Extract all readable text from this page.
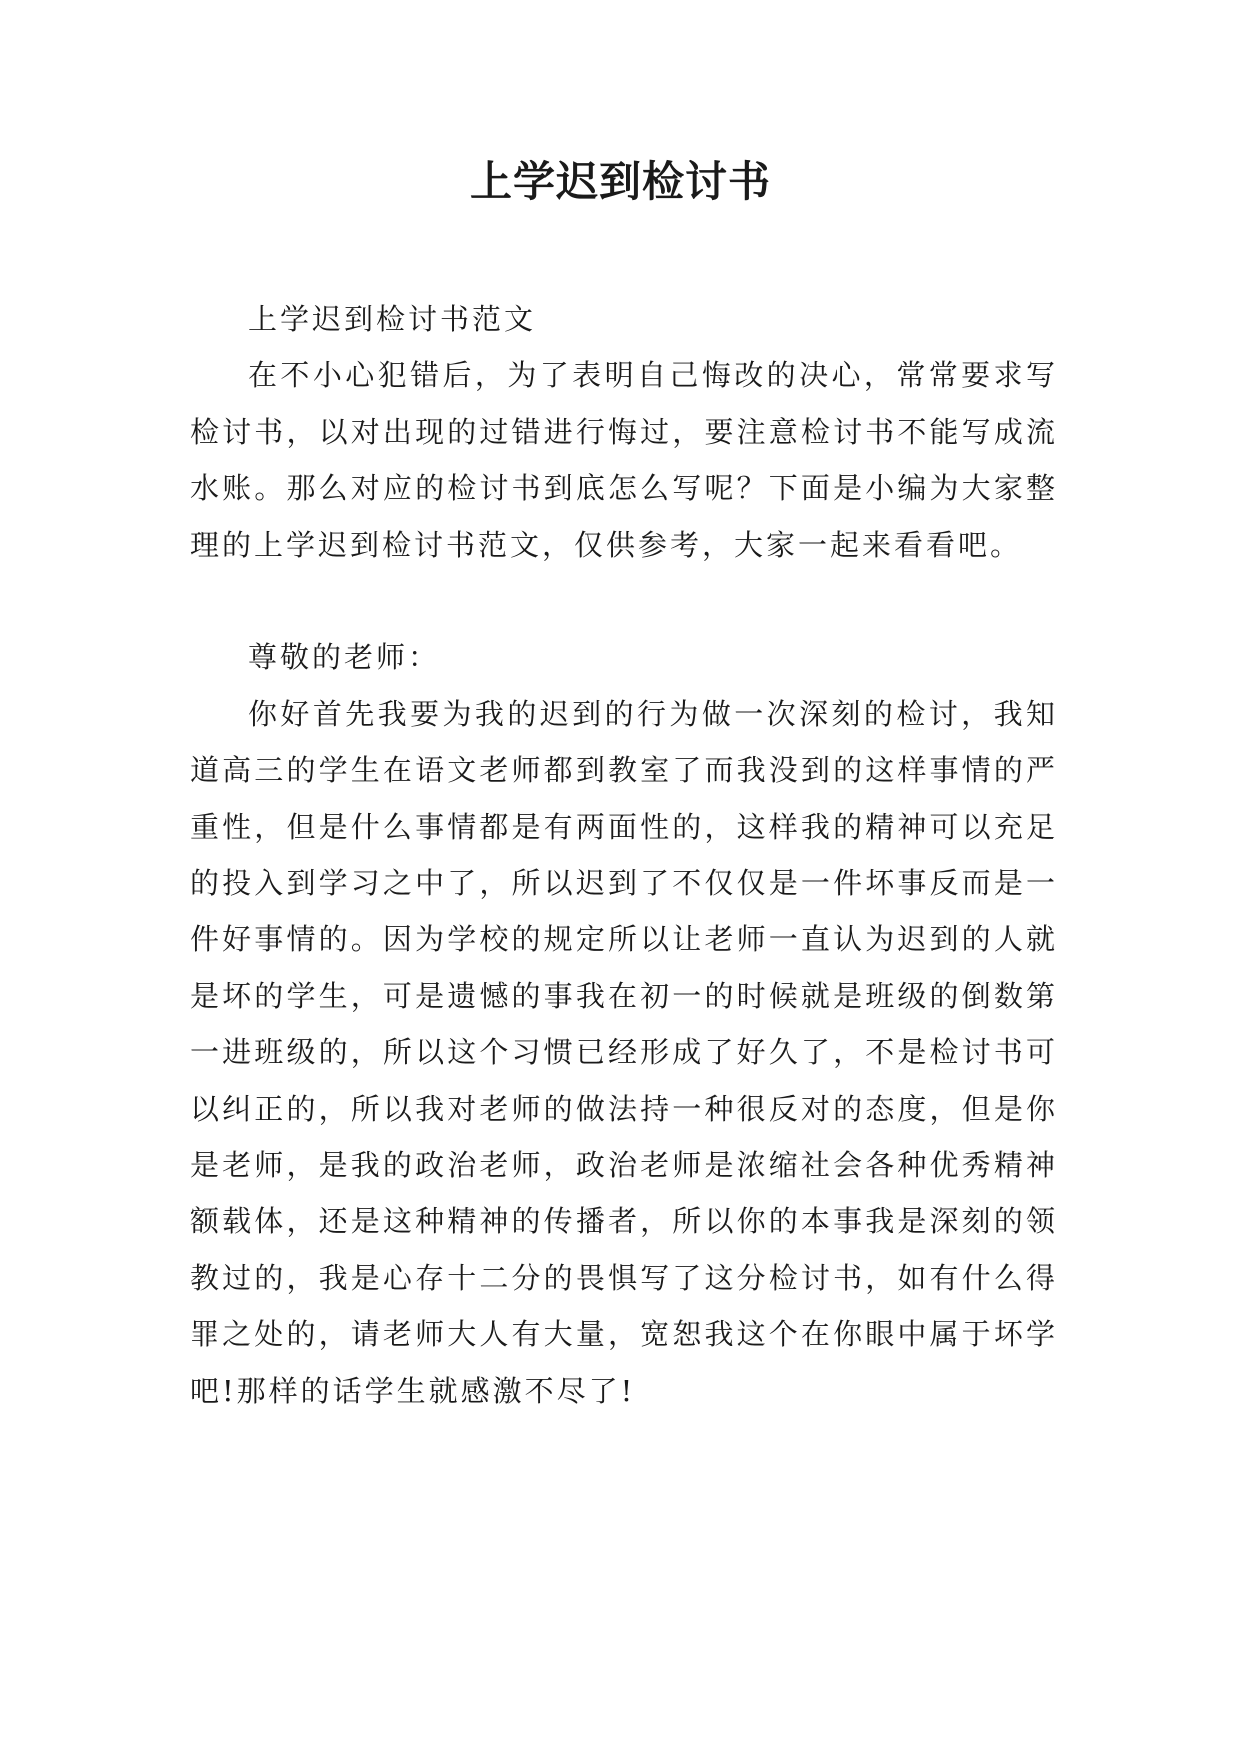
上学迟到检讨书

上学迟到检讨书范文

在不小心犯错后，为了表明自己悔改的决心，常常要求写检讨书，以对出现的过错进行悔过，要注意检讨书不能写成流水账。那么对应的检讨书到底怎么写呢？下面是小编为大家整理的上学迟到检讨书范文，仅供参考，大家一起来看看吧。

尊敬的老师：

你好首先我要为我的迟到的行为做一次深刻的检讨，我知道高三的学生在语文老师都到教室了而我没到的这样事情的严重性，但是什么事情都是有两面性的，这样我的精神可以充足的投入到学习之中了，所以迟到了不仅仅是一件坏事反而是一件好事情的。因为学校的规定所以让老师一直认为迟到的人就是坏的学生，可是遗憾的事我在初一的时候就是班级的倒数第一进班级的，所以这个习惯已经形成了好久了，不是检讨书可以纠正的，所以我对老师的做法持一种很反对的态度，但是你是老师，是我的政治老师，政治老师是浓缩社会各种优秀精神额载体，还是这种精神的传播者，所以你的本事我是深刻的领教过的，我是心存十二分的畏惧写了这分检讨书，如有什么得罪之处的，请老师大人有大量，宽恕我这个在你眼中属于坏学吧!那样的话学生就感激不尽了!
